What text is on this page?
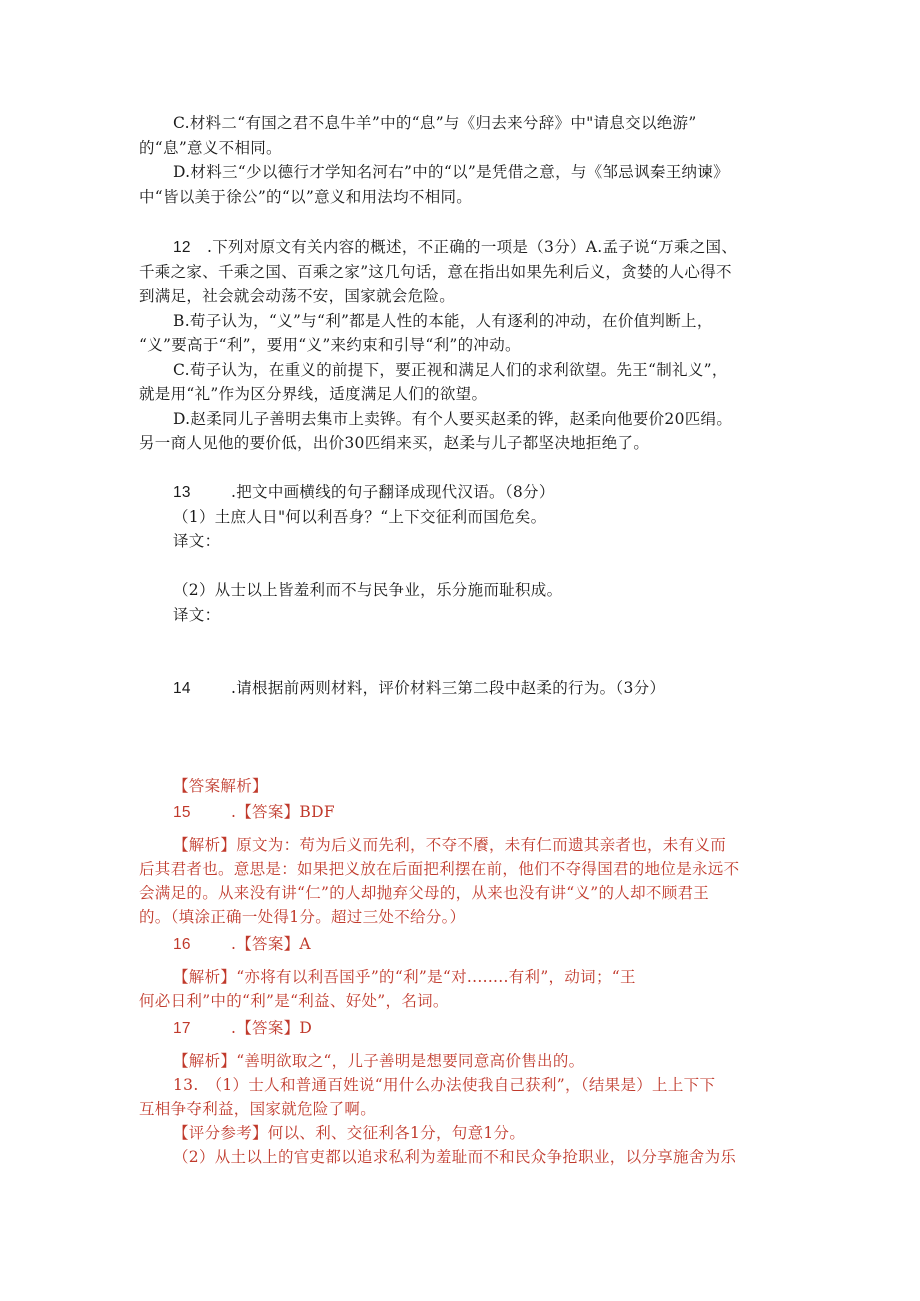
C.材料二“有国之君不息牛羊”中的“息”与《归去来兮辞》中"请息交以绝游”
的“息”意义不相同。
D.材料三“少以德行才学知名河右”中的“以”是凭借之意，与《邹忌讽秦王纳谏》
中“皆以美于徐公”的“以”意义和用法均不相同。
12 .下列对原文有关内容的概述，不正确的一项是（3分）A.孟子说“万乘之国、
千乘之家、千乘之国、百乘之家”这几句话，意在指出如果先利后义，贪婪的人心得不
到满足，社会就会动荡不安，国家就会危险。
B.荀子认为，“义”与“利”都是人性的本能，人有逐利的冲动，在价值判断上，
“义”要高于“利”，要用“义”来约束和引导“利”的冲动。
C.荀子认为，在重义的前提下，要正视和满足人们的求利欲望。先王“制礼义”，
就是用“礼”作为区分界线，适度满足人们的欲望。
D.赵柔同儿子善明去集市上卖铧。有个人要买赵柔的铧，赵柔向他要价20匹绢。
另一商人见他的要价低，出价30匹绢来买，赵柔与儿子都坚决地拒绝了。
13	.把文中画横线的句子翻译成现代汉语。（8分）
（1）土庶人日"何以利吾身？“上下交征利而国危矣。
译文：
（2）从士以上皆羞利而不与民争业，乐分施而耻积成。
译文：
14	.请根据前两则材料，评价材料三第二段中赵柔的行为。（3分）
【答案解析】
15	.【答案】BDF
【解析】原文为：苟为后义而先利，不夺不餍，未有仁而遗其亲者也，未有义而
后其君者也。意思是：如果把义放在后面把利摆在前，他们不夺得国君的地位是永远不
会满足的。从来没有讲“仁”的人却抛弃父母的，从来也没有讲“义”的人却不顾君王
的。（填涂正确一处得1分。超过三处不给分。）
16	.【答案】A
【解析】“亦将有以利吾国乎”的“利”是“对........有利”，动词；“王
何必日利”中的“利”是“利益、好处”，名词。
17	.【答案】D
【解析】“善明欲取之“，儿子善明是想要同意高价售出的。
13.　（1）士人和普通百姓说“用什么办法使我自己获利”，（结果是）上上下下
互相争夺利益，国家就危险了啊。
【评分参考】何以、利、交征利各1分，句意1分。
（2）从土以上的官吏都以追求私利为羞耻而不和民众争抢职业，以分享施舍为乐
